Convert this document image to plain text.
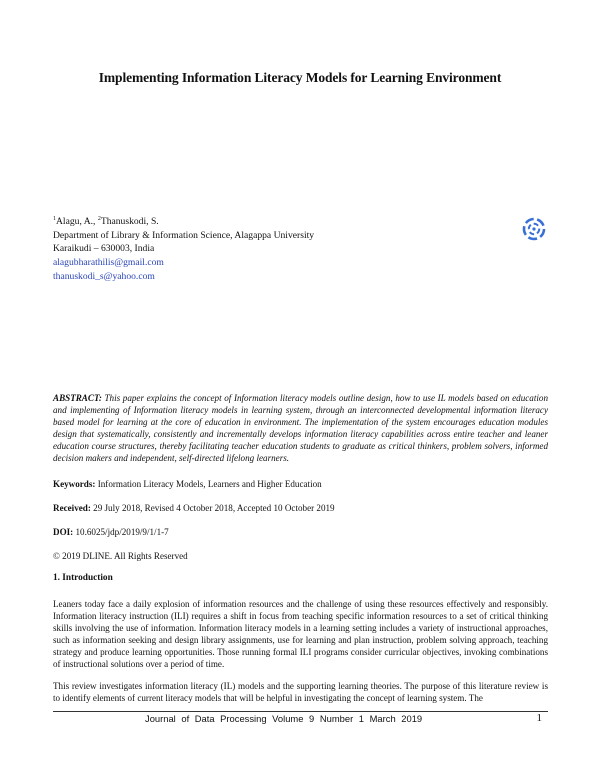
Implementing Information Literacy Models for Learning Environment
$^1$Alagu, A., $^2$Thanuskodi, S.
Department of Library & Information Science, Alagappa University
Karaikudi – 630003, India
alagubharathilis@gmail.com
thanuskodi_s@yahoo.com
ABSTRACT: This paper explains the concept of Information literacy models outline design, how to use IL models based on education and implementing of Information literacy models in learning system, through an interconnected developmental information literacy based model for learning at the core of education in environment. The implementation of the system encourages education modules design that systematically, consistently and incrementally develops information literacy capabilities across entire teacher and leaner education course structures, thereby facilitating teacher education students to graduate as critical thinkers, problem solvers, informed decision makers and independent, self-directed lifelong learners.
Keywords: Information Literacy Models, Learners and Higher Education
Received: 29 July 2018, Revised 4 October 2018, Accepted 10 October 2019
DOI: 10.6025/jdp/2019/9/1/1-7
© 2019 DLINE. All Rights Reserved
1. Introduction
Leaners today face a daily explosion of information resources and the challenge of using these resources effectively and responsibly. Information literacy instruction (ILI) requires a shift in focus from teaching specific information resources to a set of critical thinking skills involving the use of information. Information literacy models in a learning setting includes a variety of instructional approaches, such as information seeking and design library assignments, use for learning and plan instruction, problem solving approach, teaching strategy and produce learning opportunities. Those running formal ILI programs consider curricular objectives, invoking combinations of instructional solutions over a period of time.
This review investigates information literacy (IL) models and the supporting learning theories. The purpose of this literature review is to identify elements of current literacy models that will be helpful in investigating the concept of learning system. The
Journal of Data Processing Volume 9 Number 1 March 2019	1
